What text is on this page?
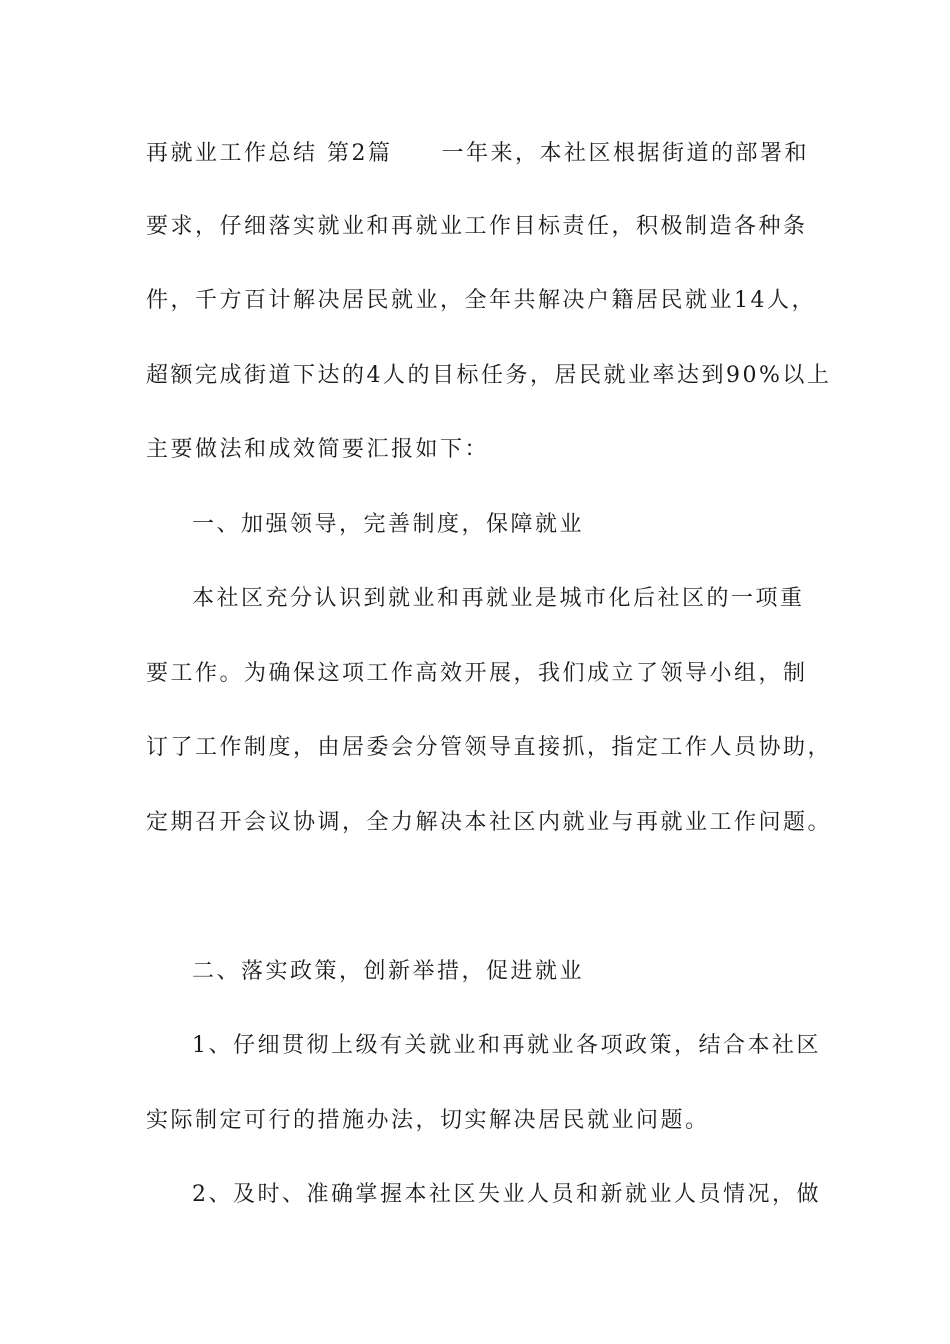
再就业工作总结 第2篇　　一年来，本社区根据街道的部署和
要求，仔细落实就业和再就业工作目标责任，积极制造各种条
件，千方百计解决居民就业，全年共解决户籍居民就业14人，
超额完成街道下达的4人的目标任务，居民就业率达到90%以上
主要做法和成效简要汇报如下：
一、加强领导，完善制度，保障就业
本社区充分认识到就业和再就业是城市化后社区的一项重
要工作。为确保这项工作高效开展，我们成立了领导小组，制
订了工作制度，由居委会分管领导直接抓，指定工作人员协助，
定期召开会议协调，全力解决本社区内就业与再就业工作问题。
二、落实政策，创新举措，促进就业
1、仔细贯彻上级有关就业和再就业各项政策，结合本社区
实际制定可行的措施办法，切实解决居民就业问题。
2、及时、准确掌握本社区失业人员和新就业人员情况，做
